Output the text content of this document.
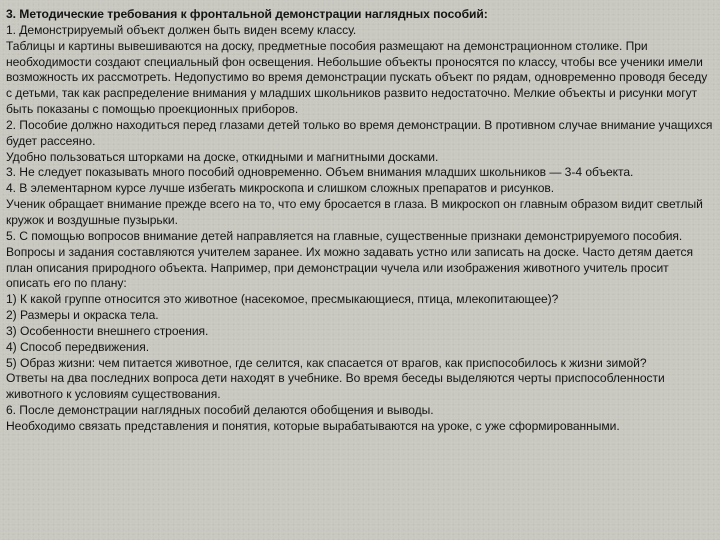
3. Методические требования к фронтальной демонстрации наглядных пособий:

1. Демонстрируемый объект должен быть виден всему классу.

Таблицы и картины вывешиваются на доску, предметные пособия размещают на демонстрационном столике. При необходимости создают специальный фон освещения. Небольшие объекты проносятся по классу, чтобы все ученики имели возможность их рассмотреть. Недопустимо во время демонстрации пускать объект по рядам, одновременно проводя беседу с детьми, так как распределение внимания у младших школьников развито недостаточно. Мелкие объекты и рисунки могут быть показаны с помощью проекционных приборов.

2. Пособие должно находиться перед глазами детей только во время демонстрации. В противном случае внимание учащихся будет рассеяно.

Удобно пользоваться шторками на доске, откидными и магнитными досками.

3. Не следует показывать много пособий одновременно. Объем внимания младших школьников — 3-4 объекта.

4. В элементарном курсе лучше избегать микроскопа и слишком сложных препаратов и рисунков.

Ученик обращает внимание прежде всего на то, что ему бросается в глаза. В микроскоп он главным образом видит светлый кружок и воздушные пузырьки.

5. С помощью вопросов внимание детей направляется на главные, существенные признаки демонстрируемого пособия.

Вопросы и задания составляются учителем заранее. Их можно задавать устно или записать на доске. Часто детям дается план описания природного объекта. Например, при демонстрации чучела или изображения животного учитель просит описать его по плану:

1) К какой группе относится это животное (насекомое, пресмыкающиеся, птица, млекопитающее)?

2) Размеры и окраска тела.

3) Особенности внешнего строения.

4) Способ передвижения.

5) Образ жизни: чем питается животное, где селится, как спасается от врагов, как приспособилось к жизни зимой?

Ответы на два последних вопроса дети находят в учебнике. Во время беседы выделяются черты приспособленности животного к условиям существования.

6. После демонстрации наглядных пособий делаются обобщения и выводы.

Необходимо связать представления и понятия, которые вырабатываются на уроке, с уже сформированными.
